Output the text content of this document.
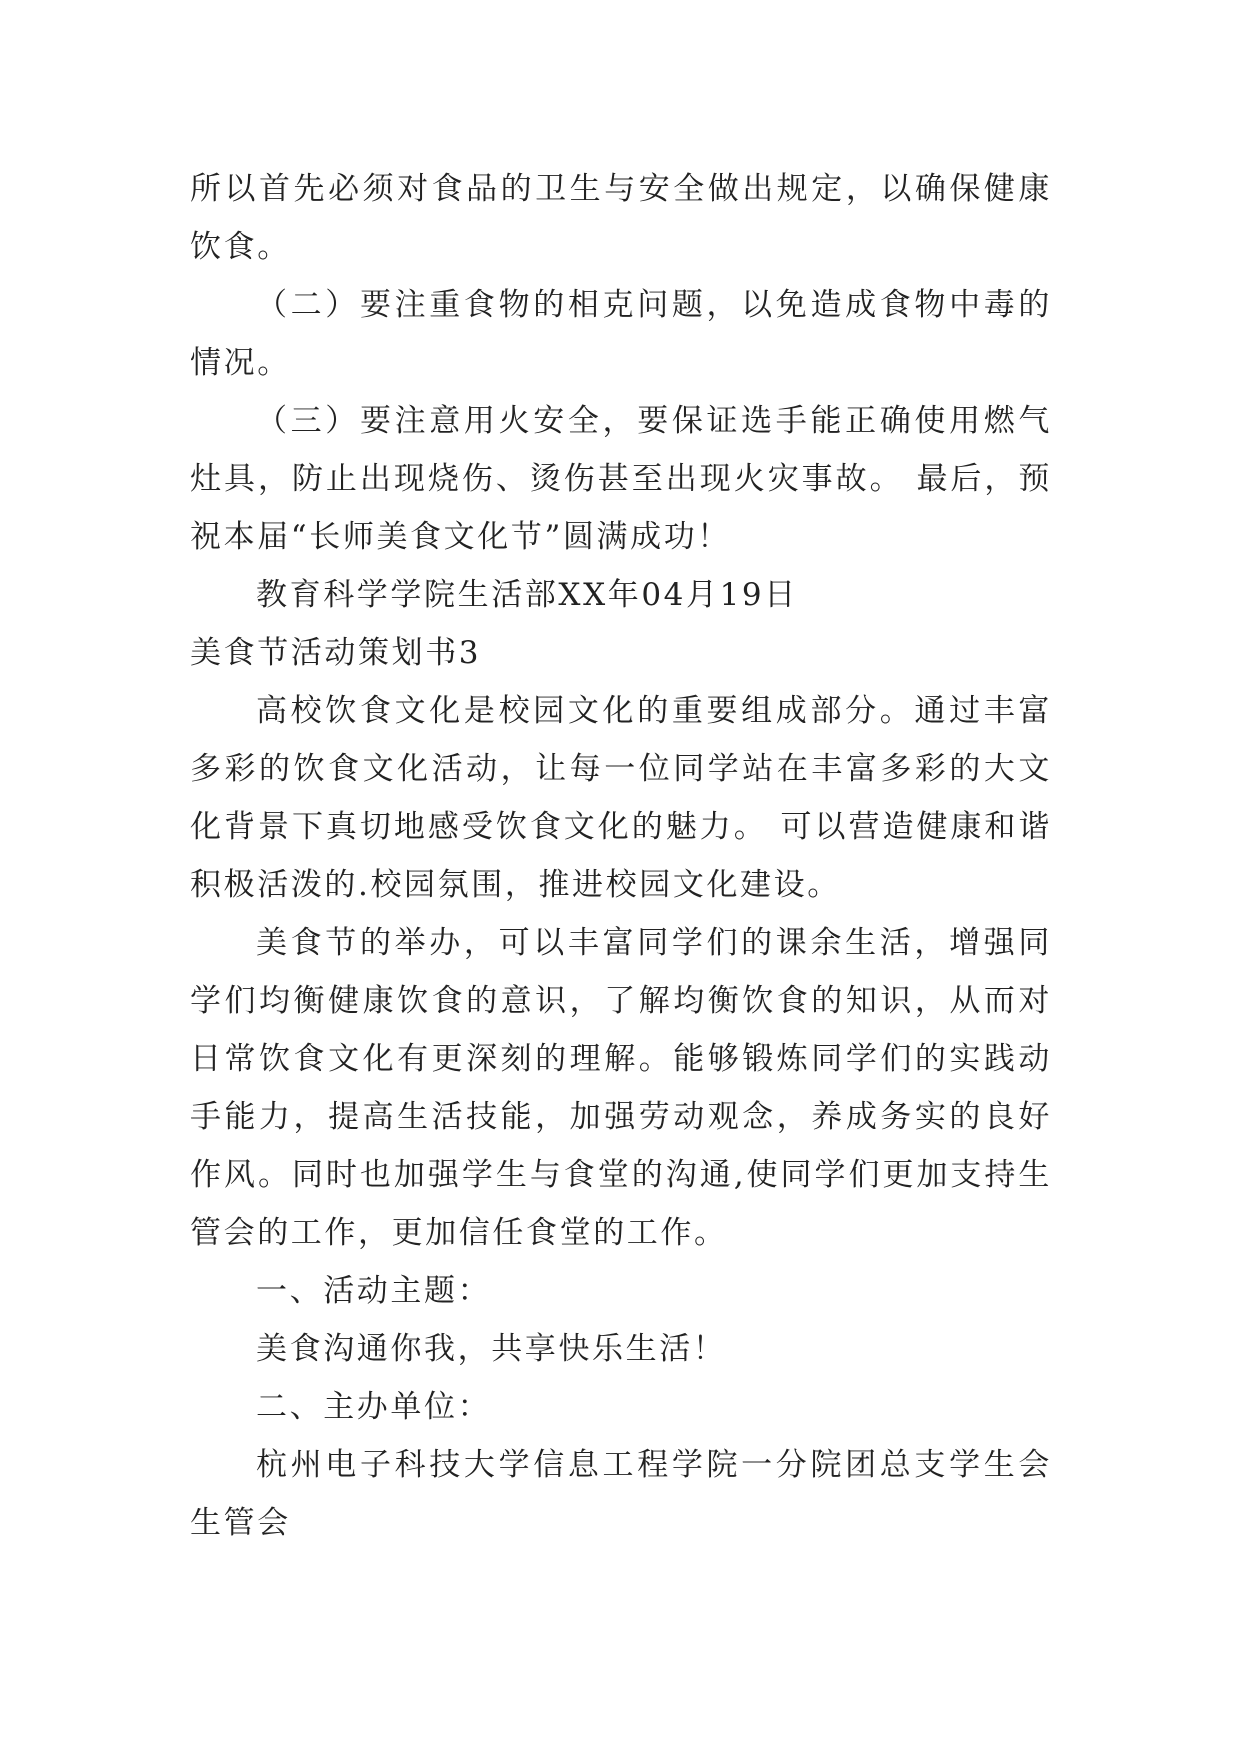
所以首先必须对食品的卫生与安全做出规定，以确保健康饮食。

（二）要注重食物的相克问题，以免造成食物中毒的情况。

（三）要注意用火安全，要保证选手能正确使用燃气灶具，防止出现烧伤、烫伤甚至出现火灾事故。 最后，预祝本届“长师美食文化节”圆满成功！

教育科学学院生活部XX年04月19日

美食节活动策划书3

高校饮食文化是校园文化的重要组成部分。通过丰富多彩的饮食文化活动，让每一位同学站在丰富多彩的大文化背景下真切地感受饮食文化的魅力。 可以营造健康和谐积极活泼的.校园氛围，推进校园文化建设。

美食节的举办，可以丰富同学们的课余生活，增强同学们均衡健康饮食的意识，了解均衡饮食的知识，从而对日常饮食文化有更深刻的理解。能够锻炼同学们的实践动手能力，提高生活技能，加强劳动观念，养成务实的良好作风。同时也加强学生与食堂的沟通,使同学们更加支持生管会的工作，更加信任食堂的工作。

一、活动主题：

美食沟通你我，共享快乐生活！

二、主办单位：

杭州电子科技大学信息工程学院一分院团总支学生会生管会
